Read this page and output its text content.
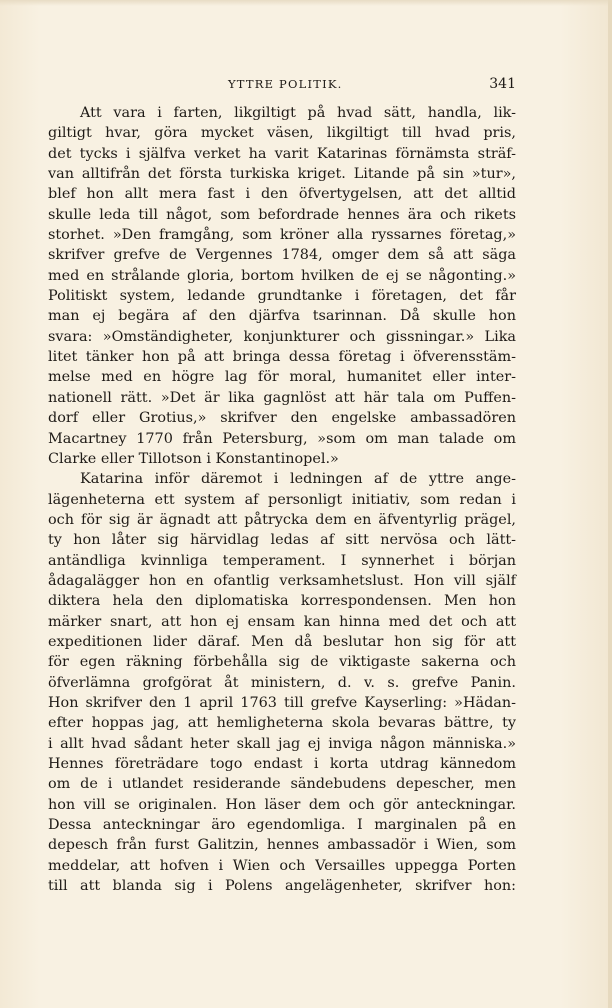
YTTRE POLITIK.	341
Att vara i farten, likgiltigt på hvad sätt, handla, lik-
giltigt hvar, göra mycket väsen, likgiltigt till hvad pris,
det tycks i själfva verket ha varit Katarinas förnämsta sträf-
van alltifrån det första turkiska kriget. Litande på sin »tur»,
blef hon allt mera fast i den öfvertygelsen, att det alltid
skulle leda till något, som befordrade hennes ära och rikets
storhet. »Den framgång, som kröner alla ryssarnes företag,»
skrifver grefve de Vergennes 1784, omger dem så att säga
med en strålande gloria, bortom hvilken de ej se någonting.»
Politiskt system, ledande grundtanke i företagen, det får
man ej begära af den djärfva tsarinnan. Då skulle hon
svara: »Omständigheter, konjunkturer och gissningar.» Lika
litet tänker hon på att bringa dessa företag i öfverensstäm-
melse med en högre lag för moral, humanitet eller inter-
nationell rätt. »Det är lika gagnlöst att här tala om Puffen-
dorf eller Grotius,» skrifver den engelske ambassadören
Macartney 1770 från Petersburg, »som om man talade om
Clarke eller Tillotson i Konstantinopel.»
Katarina inför däremot i ledningen af de yttre ange-
lägenheterna ett system af personligt initiativ, som redan i
och för sig är ägnadt att påtrycka dem en äfventyrlig prägel,
ty hon låter sig härvidlag ledas af sitt nervösa och lätt-
antändliga kvinnliga temperament. I synnerhet i början
ådagalägger hon en ofantlig verksamhetslust. Hon vill själf
diktera hela den diplomatiska korrespondensen. Men hon
märker snart, att hon ej ensam kan hinna med det och att
expeditionen lider däraf. Men då beslutar hon sig för att
för egen räkning förbehålla sig de viktigaste sakerna och
öfverlämna grofgörat åt ministern, d. v. s. grefve Panin.
Hon skrifver den 1 april 1763 till grefve Kayserling: »Hädan-
efter hoppas jag, att hemligheterna skola bevaras bättre, ty
i allt hvad sådant heter skall jag ej inviga någon människa.»
Hennes företrädare togo endast i korta utdrag kännedom
om de i utlandet residerande sändebudens depescher, men
hon vill se originalen. Hon läser dem och gör anteckningar.
Dessa anteckningar äro egendomliga. I marginalen på en
depesch från furst Galitzin, hennes ambassadör i Wien, som
meddelar, att hofven i Wien och Versailles uppegga Porten
till att blanda sig i Polens angelägenheter, skrifver hon:
